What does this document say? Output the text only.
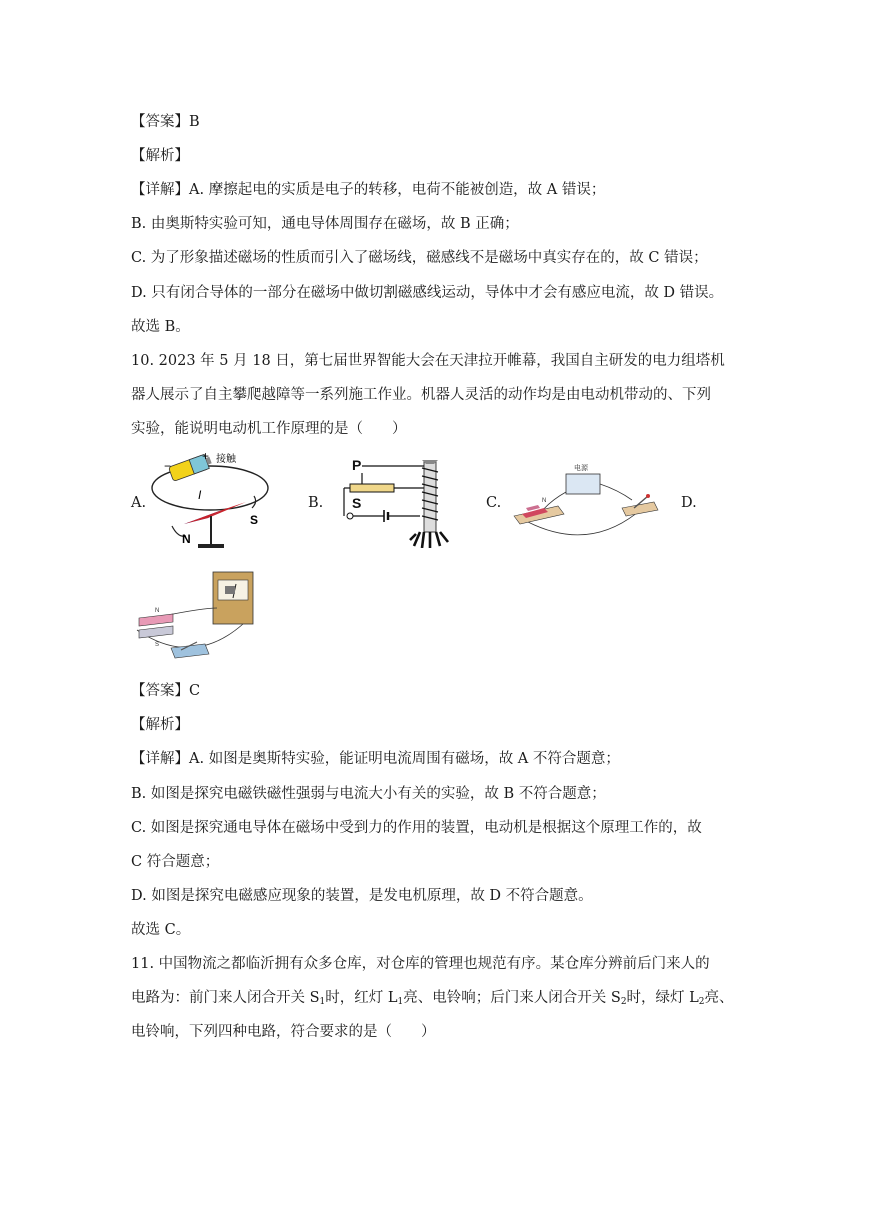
【答案】B
【解析】
【详解】A. 摩擦起电的实质是电子的转移，电荷不能被创造，故 A 错误；
B. 由奥斯特实验可知，通电导体周围存在磁场，故 B 正确；
C. 为了形象描述磁场的性质而引入了磁场线，磁感线不是磁场中真实存在的，故 C 错误；
D. 只有闭合导体的一部分在磁场中做切割磁感线运动，导体中才会有感应电流，故 D 错误。
故选 B。
10. 2023 年 5 月 18 日，第七届世界智能大会在天津拉开帷幕，我国自主研发的电力组塔机
器人展示了自主攀爬越障等一系列施工作业。机器人灵活的动作均是由电动机带动的、下列
实验，能说明电动机工作原理的是（　　）
A.	B.	C.	D.
−
+ 接触
I
N
S
P
S
电源
N
N
S
【答案】C
【解析】
【详解】A. 如图是奥斯特实验，能证明电流周围有磁场，故 A 不符合题意；
B. 如图是探究电磁铁磁性强弱与电流大小有关的实验，故 B 不符合题意；
C. 如图是探究通电导体在磁场中受到力的作用的装置，电动机是根据这个原理工作的，故
C 符合题意；
D. 如图是探究电磁感应现象的装置，是发电机原理，故 D 不符合题意。
故选 C。
11. 中国物流之都临沂拥有众多仓库，对仓库的管理也规范有序。某仓库分辨前后门来人的
电路为：前门来人闭合开关 $S_1$时，红灯 $L_1$亮、电铃响；后门来人闭合开关 $S_2$时，绿灯 $L_2$亮、
电铃响，下列四种电路，符合要求的是（　　）
